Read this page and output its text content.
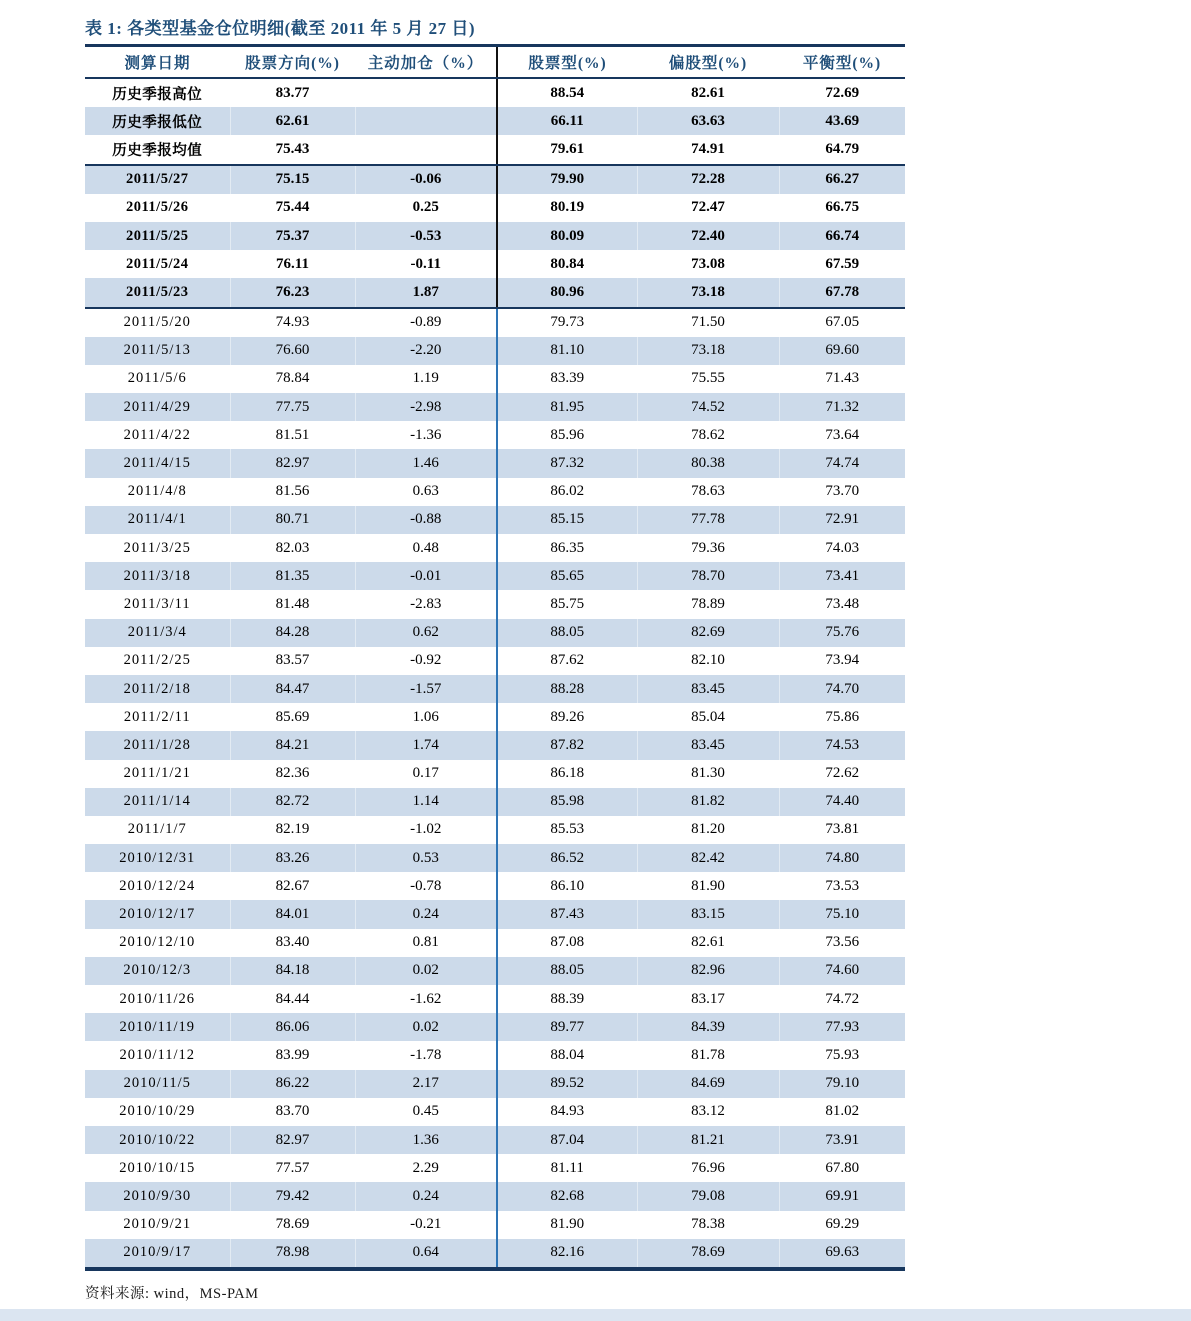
表 1: 各类型基金仓位明细(截至 2011 年 5 月 27 日)
测算日期	股票方向(%)	主动加仓（%）	股票型(%)	偏股型(%)	平衡型(%)
历史季报高位	83.77		88.54	82.61	72.69
历史季报低位	62.61		66.11	63.63	43.69
历史季报均值	75.43		79.61	74.91	64.79
2011/5/27	75.15	-0.06	79.90	72.28	66.27
2011/5/26	75.44	0.25	80.19	72.47	66.75
2011/5/25	75.37	-0.53	80.09	72.40	66.74
2011/5/24	76.11	-0.11	80.84	73.08	67.59
2011/5/23	76.23	1.87	80.96	73.18	67.78
2011/5/20	74.93	-0.89	79.73	71.50	67.05
2011/5/13	76.60	-2.20	81.10	73.18	69.60
2011/5/6	78.84	1.19	83.39	75.55	71.43
2011/4/29	77.75	-2.98	81.95	74.52	71.32
2011/4/22	81.51	-1.36	85.96	78.62	73.64
2011/4/15	82.97	1.46	87.32	80.38	74.74
2011/4/8	81.56	0.63	86.02	78.63	73.70
2011/4/1	80.71	-0.88	85.15	77.78	72.91
2011/3/25	82.03	0.48	86.35	79.36	74.03
2011/3/18	81.35	-0.01	85.65	78.70	73.41
2011/3/11	81.48	-2.83	85.75	78.89	73.48
2011/3/4	84.28	0.62	88.05	82.69	75.76
2011/2/25	83.57	-0.92	87.62	82.10	73.94
2011/2/18	84.47	-1.57	88.28	83.45	74.70
2011/2/11	85.69	1.06	89.26	85.04	75.86
2011/1/28	84.21	1.74	87.82	83.45	74.53
2011/1/21	82.36	0.17	86.18	81.30	72.62
2011/1/14	82.72	1.14	85.98	81.82	74.40
2011/1/7	82.19	-1.02	85.53	81.20	73.81
2010/12/31	83.26	0.53	86.52	82.42	74.80
2010/12/24	82.67	-0.78	86.10	81.90	73.53
2010/12/17	84.01	0.24	87.43	83.15	75.10
2010/12/10	83.40	0.81	87.08	82.61	73.56
2010/12/3	84.18	0.02	88.05	82.96	74.60
2010/11/26	84.44	-1.62	88.39	83.17	74.72
2010/11/19	86.06	0.02	89.77	84.39	77.93
2010/11/12	83.99	-1.78	88.04	81.78	75.93
2010/11/5	86.22	2.17	89.52	84.69	79.10
2010/10/29	83.70	0.45	84.93	83.12	81.02
2010/10/22	82.97	1.36	87.04	81.21	73.91
2010/10/15	77.57	2.29	81.11	76.96	67.80
2010/9/30	79.42	0.24	82.68	79.08	69.91
2010/9/21	78.69	-0.21	81.90	78.38	69.29
2010/9/17	78.98	0.64	82.16	78.69	69.63
资料来源: wind，MS-PAM
